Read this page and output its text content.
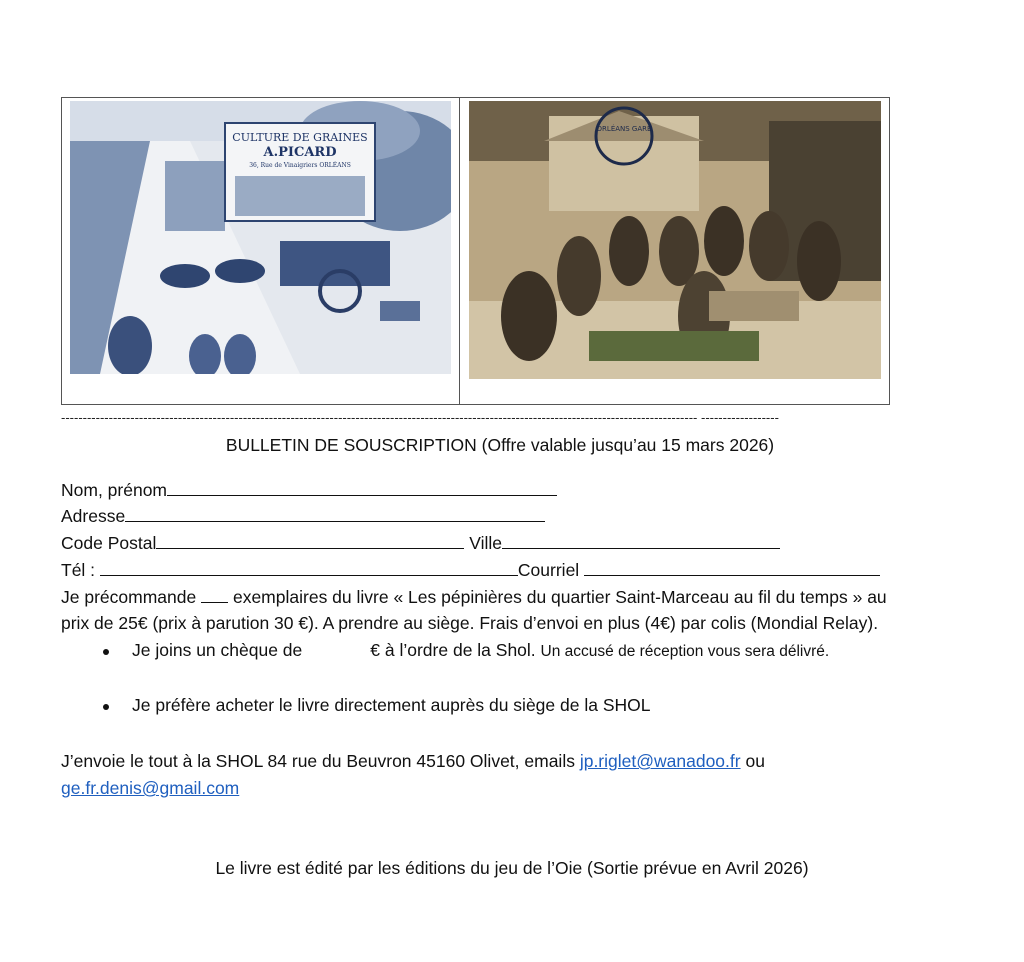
CULTURE DE GRAINES
A.PICARD
36, Rue de Vinaigriers ORLÉANS
ORLÉANS GARE
--------------------------------------------------------------------------------------------------------------------------------------------------- ------------------
BULLETIN DE SOUSCRIPTION (Offre valable jusqu’au 15 mars 2026)
Nom, prénom
Adresse
Code Postal	Ville
Tél :	Courriel
Je précommande exemplaires du livre « Les pépinières du quartier Saint-Marceau au fil du temps » au
prix de 25€ (prix à parution 30 €). A prendre au siège. Frais d’envoi en plus (4€) par colis (Mondial Relay).
Je joins un chèque de	€ à l’ordre de la Shol. Un accusé de réception vous sera délivré.
Je préfère acheter le livre directement auprès du siège de la SHOL
J’envoie le tout à la SHOL 84 rue du Beuvron 45160 Olivet, emails jp.riglet@wanadoo.fr ou
ge.fr.denis@gmail.com
Le livre est édité par les éditions du jeu de l’Oie (Sortie prévue en Avril 2026)
